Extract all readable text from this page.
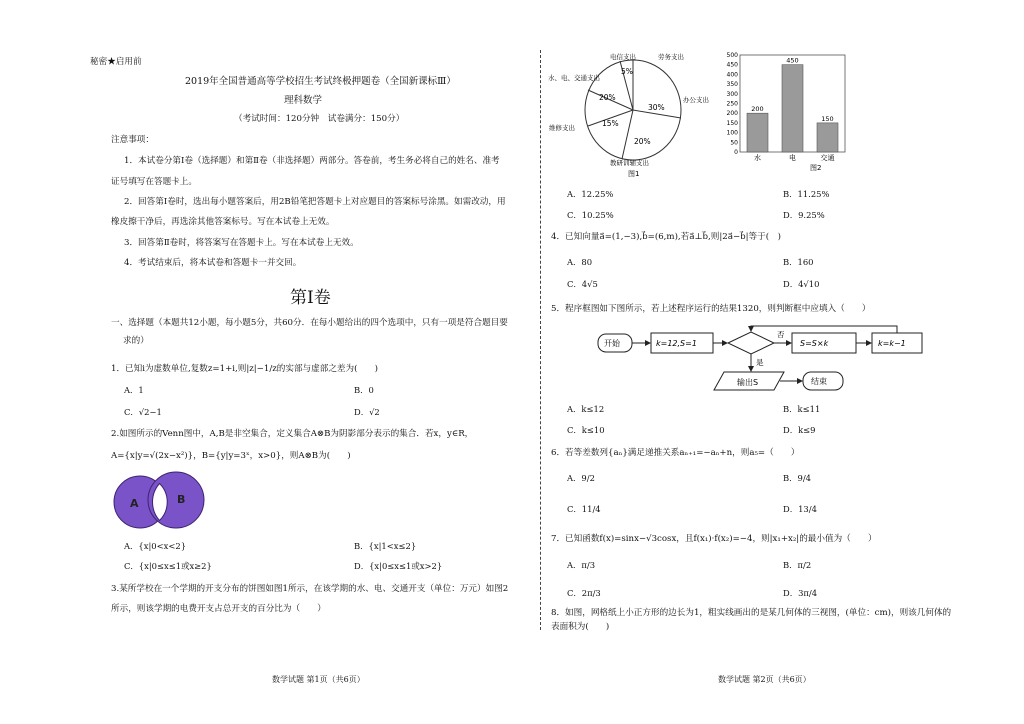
秘密★启用前
2019年全国普通高等学校招生考试终极押题卷（全国新课标Ⅲ）
理科数学
（考试时间：120分钟　试卷满分：150分）
注意事项：
1．本试卷分第Ⅰ卷（选择题）和第Ⅱ卷（非选择题）两部分。答卷前，考生务必将自己的姓名、准考
证号填写在答题卡上。
2．回答第Ⅰ卷时，选出每小题答案后，用2B铅笔把答题卡上对应题目的答案标号涂黑。如需改动，用
橡皮擦干净后，再选涂其他答案标号。写在本试卷上无效。
3．回答第Ⅱ卷时，将答案写在答题卡上。写在本试卷上无效。
4．考试结束后，将本试卷和答题卡一并交回。
第Ⅰ卷
一、选择题（本题共12小题，每小题5分，共60分．在每小题给出的四个选项中，只有一项是符合题目要
求的）
1．已知i为虚数单位,复数z=1+i,则|z|−1/z的实部与虚部之差为(　　)
A．1	B．0
C．√2−1	D．√2
2.如图所示的Venn图中，A,B是非空集合，定义集合A⊗B为阴影部分表示的集合．若x，y∈R，
A={x|y=√(2x−x²)}，B={y|y=3ˣ，x>0}，则A⊗B为(　　)
A	B
A．{x|0<x<2}	B．{x|1<x≤2}
C．{x|0≤x≤1或x≥2}	D．{x|0≤x≤1或x>2}
3.某所学校在一个学期的开支分布的饼图如图1所示，在该学期的水、电、交通开支（单位：万元）如图2
所示，则该学期的电费开支占总开支的百分比为（　　）
数学试题 第1页（共6页）
5%
30%
20%
15%
20%
电信支出	劳务支出
水、电、交通支出
办公支出
维修支出
教研训辅支出
图1
0
50
100
150
200
250
300
350
400
450
500
200
450
150
水	电	交通
图2
A．12.25%	B．11.25%
C．10.25%	D．9.25%
4．已知向量a⃗=(1,−3),b⃗=(6,m),若a⃗⊥b⃗,则|2a⃗−b⃗|等于(　)
A．80	B．160
C．4√5	D．4√10
5．程序框图如下图所示，若上述程序运行的结果1320，则判断框中应填入（　　）
开始	k=12,S=1
否
S=S×k	k=k−1
是
输出S	结束
A．k≤12	B．k≤11
C．k≤10	D．k≤9
6．若等差数列{aₙ}满足递推关系aₙ₊₁=−aₙ+n，则a₅=（　　）
A．9/2	B．9/4
C．11/4	D．13/4
7．已知函数f(x)=sinx−√3cosx，且f(x₁)·f(x₂)=−4，则|x₁+x₂|的最小值为（　　）
A．π/3	B．π/2
C．2π/3	D．3π/4
8．如图，网格纸上小正方形的边长为1，粗实线画出的是某几何体的三视图，(单位：cm)，则该几何体的
表面积为(　　)
数学试题 第2页（共6页）
